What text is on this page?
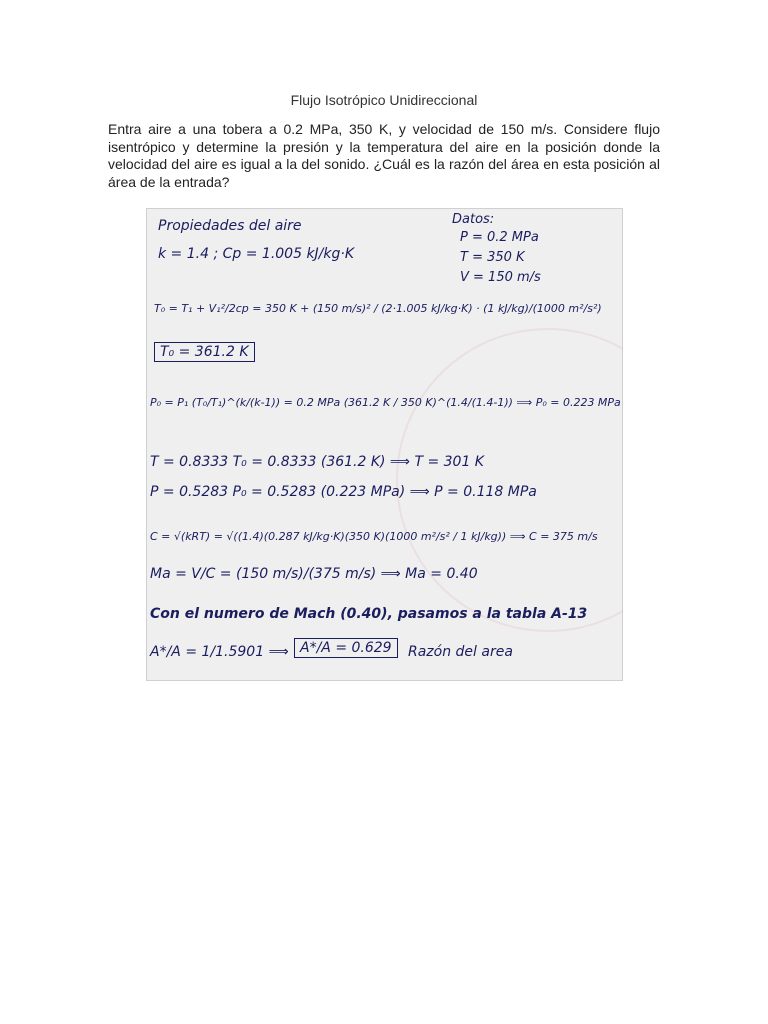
Flujo Isotrópico Unidireccional
Entra aire a una tobera a 0.2 MPa, 350 K, y velocidad de 150 m/s. Considere flujo isentrópico y determine la presión y la temperatura del aire en la posición donde la velocidad del aire es igual a la del sonido. ¿Cuál es la razón del área en esta posición al área de la entrada?
Propiedades del aire
k = 1.4 ; Cp = 1.005 kJ/kg·K
Datos:
P = 0.2 MPa
T = 350 K
V = 150 m/s
T₀ = T₁ + V₁²/2cp = 350 K + (150 m/s)² / (2·1.005 kJ/kg·K) · (1 kJ/kg)/(1000 m²/s²)
T₀ = 361.2 K
P₀ = P₁ (T₀/T₁)^(k/(k-1)) = 0.2 MPa (361.2 K / 350 K)^(1.4/(1.4-1)) ⟹ P₀ = 0.223 MPa
T = 0.8333 T₀ = 0.8333 (361.2 K) ⟹ T = 301 K
P = 0.5283 P₀ = 0.5283 (0.223 MPa) ⟹ P = 0.118 MPa
C = √(kRT) = √((1.4)(0.287 kJ/kg·K)(350 K)(1000 m²/s² / 1 kJ/kg)) ⟹ C = 375 m/s
Ma = V/C = (150 m/s)/(375 m/s) ⟹ Ma = 0.40
Con el numero de Mach (0.40), pasamos a la tabla A-13
A*/A = 1/1.5901 ⟹ A*/A = 0.629	Razón del area
